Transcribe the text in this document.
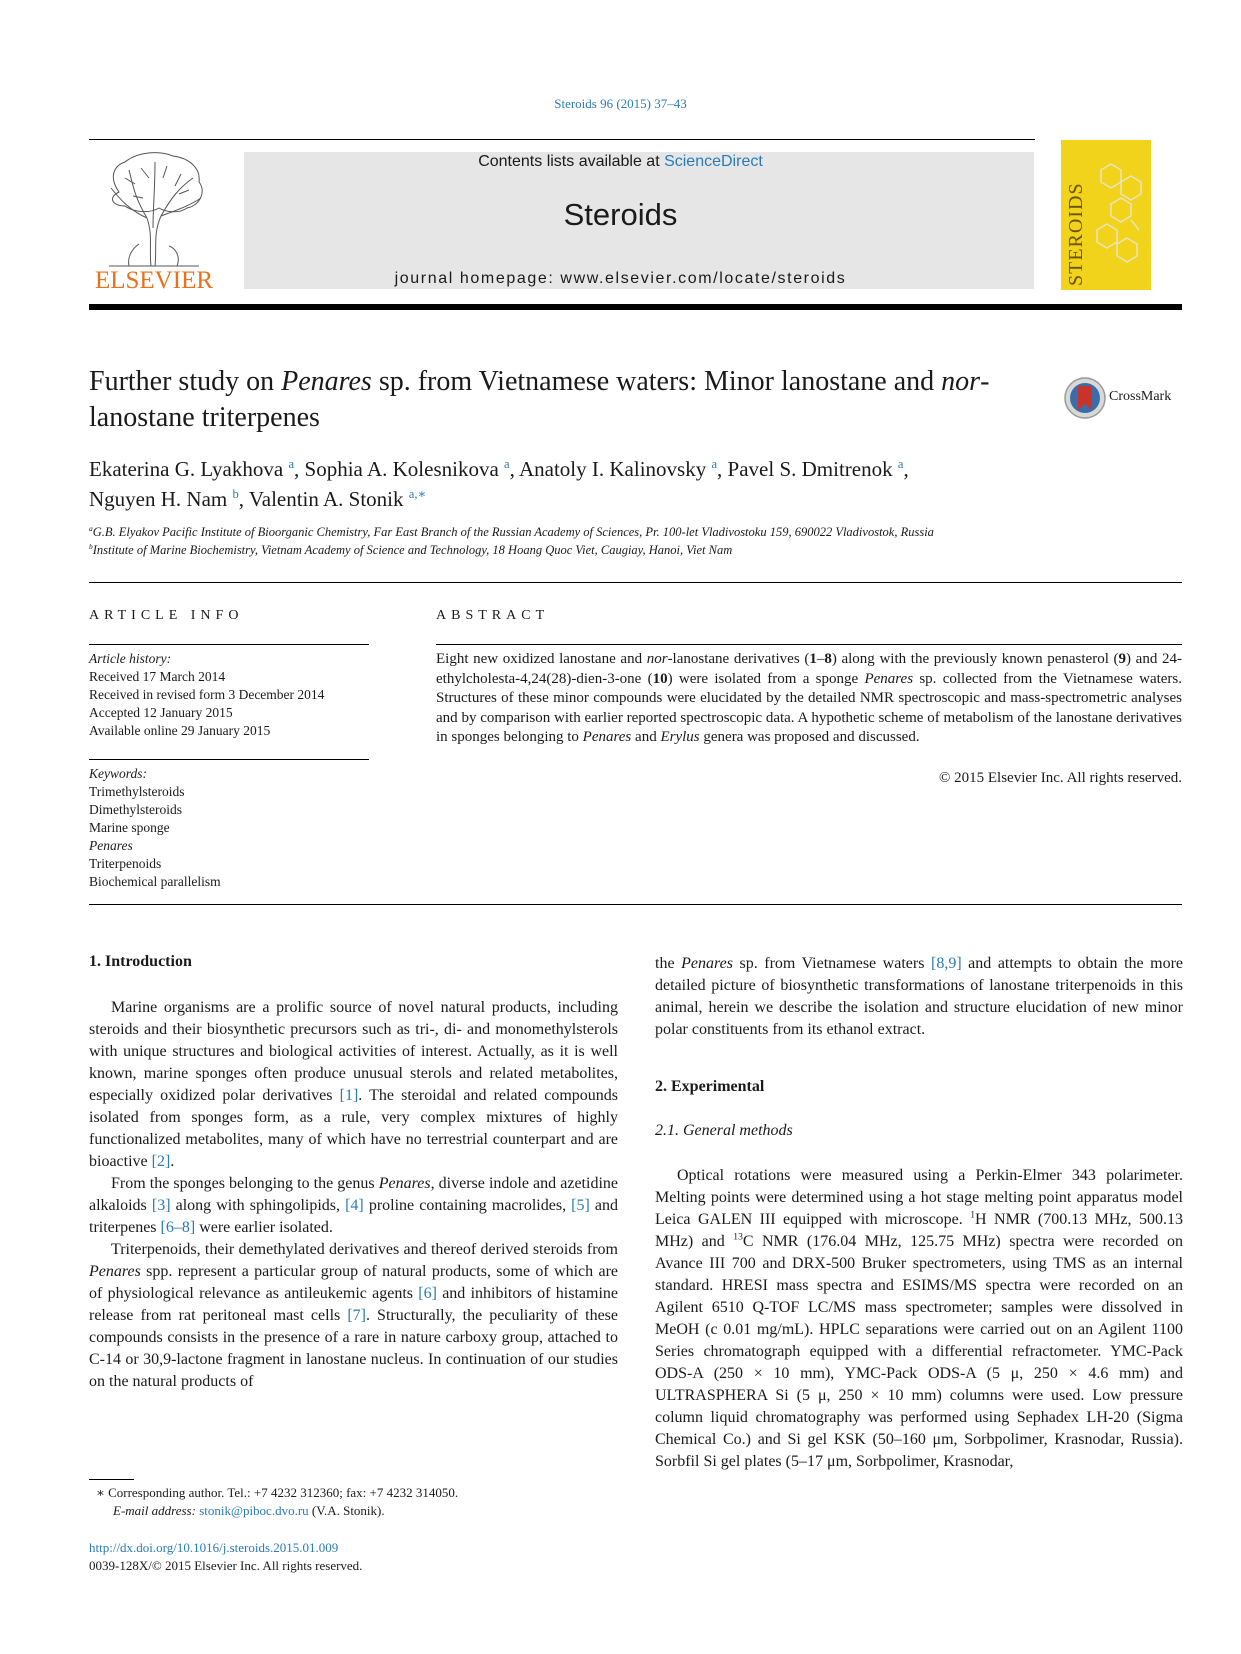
Steroids 96 (2015) 37–43
ELSEVIER
Contents lists available at ScienceDirect
Steroids
journal homepage: www.elsevier.com/locate/steroids	STEROIDS
Further study on Penares sp. from Vietnamese waters: Minor lanostane and nor-lanostane triterpenes
CrossMark
Ekaterina G. Lyakhova $^a$, Sophia A. Kolesnikova $^a$, Anatoly I. Kalinovsky $^a$, Pavel S. Dmitrenok $^a$,
Nguyen H. Nam $^b$, Valentin A. Stonik $^{a,∗}$
$^a$G.B. Elyakov Pacific Institute of Bioorganic Chemistry, Far East Branch of the Russian Academy of Sciences, Pr. 100-let Vladivostoku 159, 690022 Vladivostok, Russia
$^b$Institute of Marine Biochemistry, Vietnam Academy of Science and Technology, 18 Hoang Quoc Viet, Caugiay, Hanoi, Viet Nam
ARTICLE INFO
Article history:
Received 17 March 2014
Received in revised form 3 December 2014
Accepted 12 January 2015
Available online 29 January 2015
Keywords:
Trimethylsteroids
Dimethylsteroids
Marine sponge
Penares
Triterpenoids
Biochemical parallelism
ABSTRACT
Eight new oxidized lanostane and nor-lanostane derivatives (1–8) along with the previously known penasterol (9) and 24-ethylcholesta-4,24(28)-dien-3-one (10) were isolated from a sponge Penares sp. collected from the Vietnamese waters. Structures of these minor compounds were elucidated by the detailed NMR spectroscopic and mass-spectrometric analyses and by comparison with earlier reported spectroscopic data. A hypothetic scheme of metabolism of the lanostane derivatives in sponges belonging to Penares and Erylus genera was proposed and discussed.
© 2015 Elsevier Inc. All rights reserved.
1. Introduction

Marine organisms are a prolific source of novel natural products, including steroids and their biosynthetic precursors such as tri-, di- and monomethylsterols with unique structures and biological activities of interest. Actually, as it is well known, marine sponges often produce unusual sterols and related metabolites, especially oxidized polar derivatives [1]. The steroidal and related compounds isolated from sponges form, as a rule, very complex mixtures of highly functionalized metabolites, many of which have no terrestrial counterpart and are bioactive [2].

From the sponges belonging to the genus Penares, diverse indole and azetidine alkaloids [3] along with sphingolipids, [4] proline containing macrolides, [5] and triterpenes [6–8] were earlier isolated.

Triterpenoids, their demethylated derivatives and thereof derived steroids from Penares spp. represent a particular group of natural products, some of which are of physiological relevance as antileukemic agents [6] and inhibitors of histamine release from rat peritoneal mast cells [7]. Structurally, the peculiarity of these compounds consists in the presence of a rare in nature carboxy group, attached to C-14 or 30,9-lactone fragment in lanostane nucleus. In continuation of our studies on the natural products of

∗ Corresponding author. Tel.: +7 4232 312360; fax: +7 4232 314050.
E-mail address: stonik@piboc.dvo.ru (V.A. Stonik).
http://dx.doi.org/10.1016/j.steroids.2015.01.009
0039-128X/© 2015 Elsevier Inc. All rights reserved.

the Penares sp. from Vietnamese waters [8,9] and attempts to obtain the more detailed picture of biosynthetic transformations of lanostane triterpenoids in this animal, herein we describe the isolation and structure elucidation of new minor polar constituents from its ethanol extract.

2. Experimental
2.1. General methods

Optical rotations were measured using a Perkin-Elmer 343 polarimeter. Melting points were determined using a hot stage melting point apparatus model Leica GALEN III equipped with microscope. $^1$H NMR (700.13 MHz, 500.13 MHz) and $^{13}$C NMR (176.04 MHz, 125.75 MHz) spectra were recorded on Avance III 700 and DRX-500 Bruker spectrometers, using TMS as an internal standard. HRESI mass spectra and ESIMS/MS spectra were recorded on an Agilent 6510 Q-TOF LC/MS mass spectrometer; samples were dissolved in MeOH (c 0.01 mg/mL). HPLC separations were carried out on an Agilent 1100 Series chromatograph equipped with a differential refractometer. YMC-Pack ODS-A (250 × 10 mm), YMC-Pack ODS-A (5 μ, 250 × 4.6 mm) and ULTRASPHERA Si (5 μ, 250 × 10 mm) columns were used. Low pressure column liquid chromatography was performed using Sephadex LH-20 (Sigma Chemical Co.) and Si gel KSK (50–160 μm, Sorbpolimer, Krasnodar, Russia). Sorbfil Si gel plates (5–17 μm, Sorbpolimer, Krasnodar,
